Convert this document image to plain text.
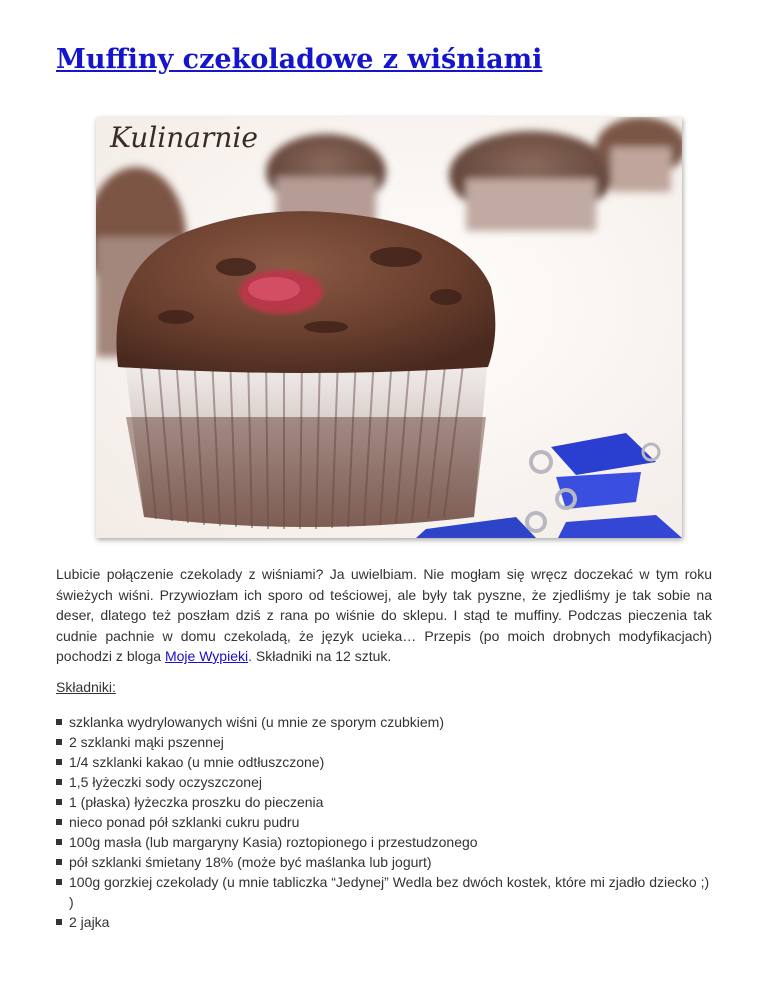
Muffiny czekoladowe z wiśniami
Kulinarnie

Lubicie połączenie czekolady z wiśniami? Ja uwielbiam. Nie mogłam się wręcz doczekać w tym roku świeżych wiśni. Przywiozłam ich sporo od teściowej, ale były tak pyszne, że zjedliśmy je tak sobie na deser, dlatego też poszłam dziś z rana po wiśnie do sklepu. I stąd te muffiny. Podczas pieczenia tak cudnie pachnie w domu czekoladą, że język ucieka… Przepis (po moich drobnych modyfikacjach) pochodzi z bloga Moje Wypieki. Składniki na 12 sztuk.

Składniki:

szklanka wydrylowanych wiśni (u mnie ze sporym czubkiem)
2 szklanki mąki pszennej
1/4 szklanki kakao (u mnie odtłuszczone)
1,5 łyżeczki sody oczyszczonej
1 (płaska) łyżeczka proszku do pieczenia
nieco ponad pół szklanki cukru pudru
100g masła (lub margaryny Kasia) roztopionego i przestudzonego
pół szklanki śmietany 18% (może być maślanka lub jogurt)
100g gorzkiej czekolady (u mnie tabliczka “Jedynej” Wedla bez dwóch kostek, które mi zjadło dziecko ;) )
2 jajka
